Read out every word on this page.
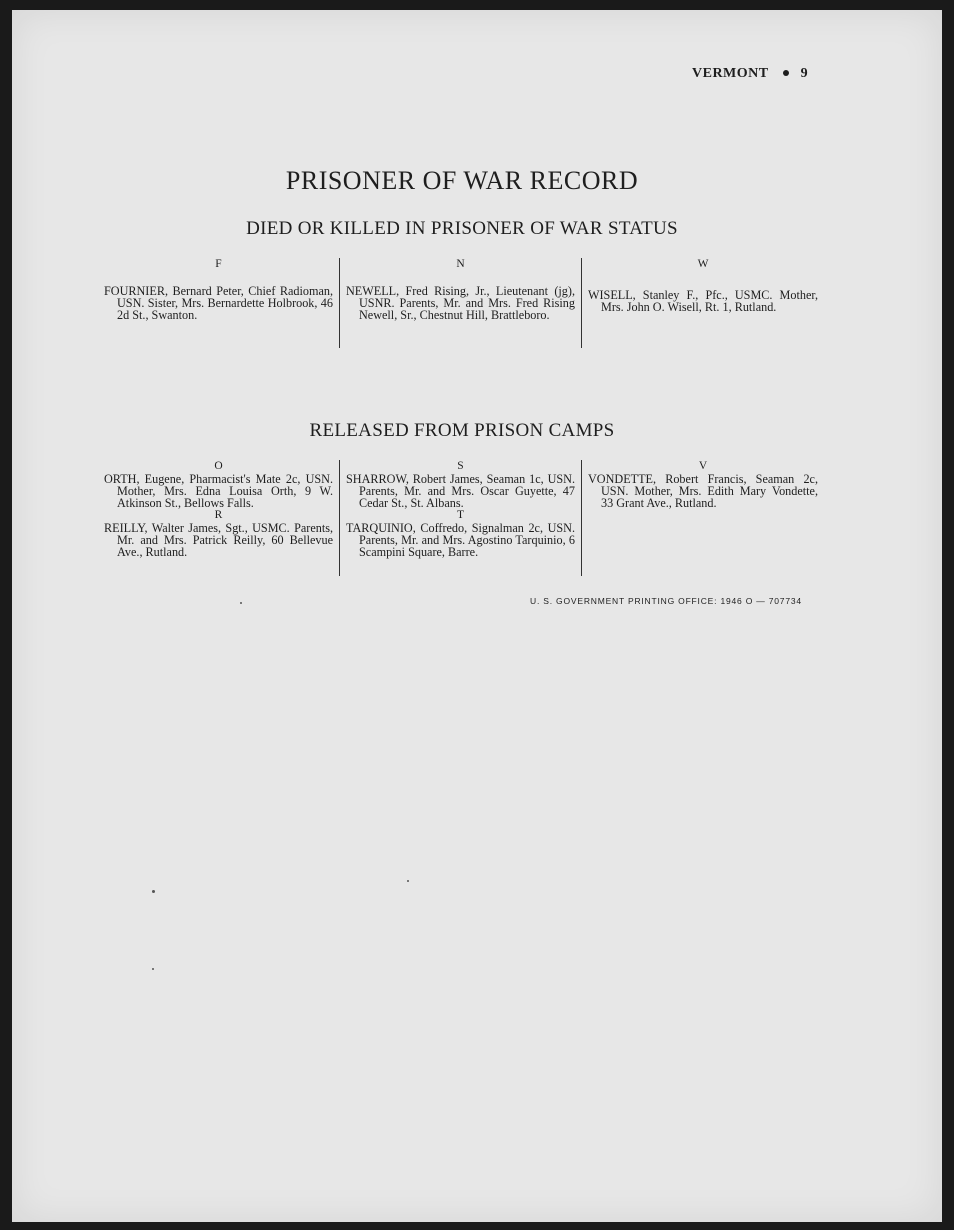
VERMONT 9
PRISONER OF WAR RECORD
DIED OR KILLED IN PRISONER OF WAR STATUS
F
FOURNIER, Bernard Peter, Chief Radioman, USN. Sister, Mrs. Bernardette Holbrook, 46 2d St., Swanton.
N
NEWELL, Fred Rising, Jr., Lieutenant (jg), USNR. Parents, Mr. and Mrs. Fred Rising Newell, Sr., Chestnut Hill, Brattleboro.
W
WISELL, Stanley F., Pfc., USMC. Mother, Mrs. John O. Wisell, Rt. 1, Rutland.
RELEASED FROM PRISON CAMPS
O
ORTH, Eugene, Pharmacist's Mate 2c, USN. Mother, Mrs. Edna Louisa Orth, 9 W. Atkinson St., Bellows Falls.
R
REILLY, Walter James, Sgt., USMC. Parents, Mr. and Mrs. Patrick Reilly, 60 Bellevue Ave., Rutland.
S
SHARROW, Robert James, Seaman 1c, USN. Parents, Mr. and Mrs. Oscar Guyette, 47 Cedar St., St. Albans.
T
TARQUINIO, Coffredo, Signalman 2c, USN. Parents, Mr. and Mrs. Agostino Tarquinio, 6 Scampini Square, Barre.
V
VONDETTE, Robert Francis, Seaman 2c, USN. Mother, Mrs. Edith Mary Vondette, 33 Grant Ave., Rutland.
U. S. GOVERNMENT PRINTING OFFICE: 1946 O — 707734
